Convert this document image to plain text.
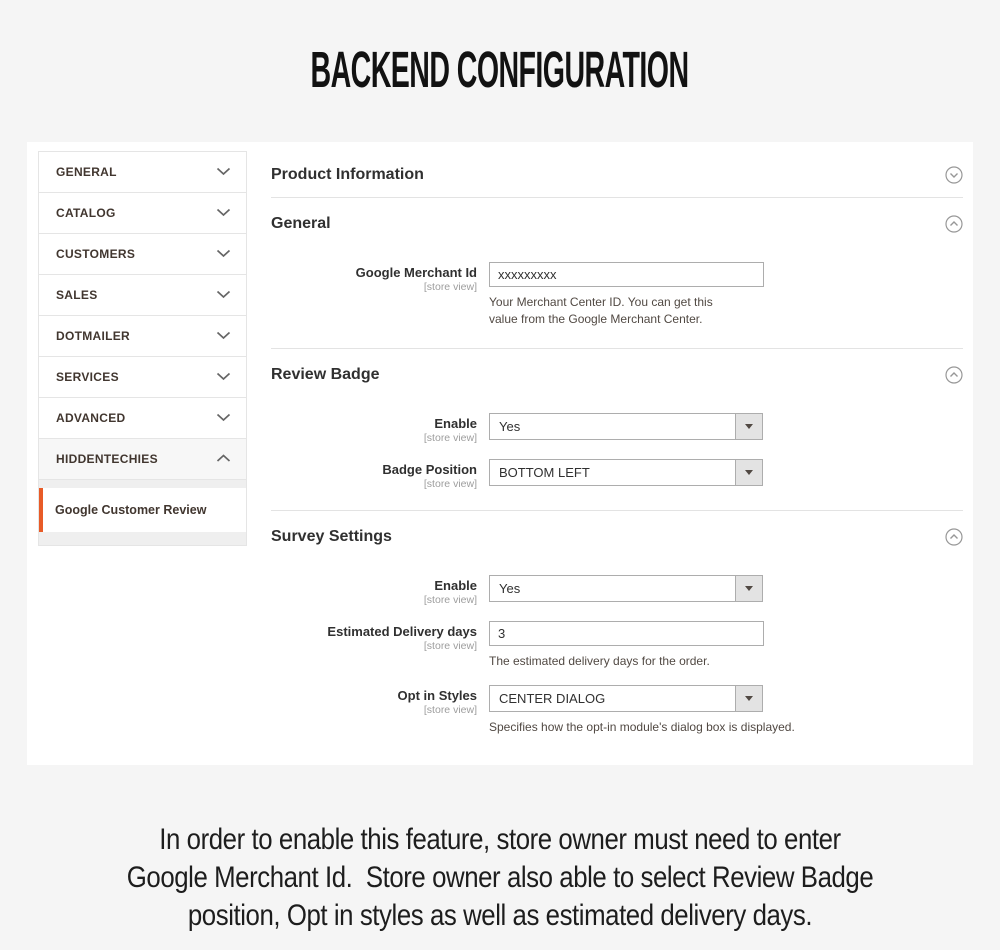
BACKEND CONFIGURATION
GENERAL
CATALOG
CUSTOMERS
SALES
DOTMAILER
SERVICES
ADVANCED
HIDDENTECHIES
Google Customer Review
Product Information
General
Google Merchant Id
[store view]
xxxxxxxxx
Your Merchant Center ID. You can get this value from the Google Merchant Center.
Review Badge
Enable
[store view]
Yes
Badge Position
[store view]
BOTTOM LEFT
Survey Settings
Enable
[store view]
Yes
Estimated Delivery days
[store view]
3
The estimated delivery days for the order.
Opt in Styles
[store view]
CENTER DIALOG
Specifies how the opt-in module's dialog box is displayed.
In order to enable this feature, store owner must need to enter
Google Merchant Id.  Store owner also able to select Review Badge
position, Opt in styles as well as estimated delivery days.
